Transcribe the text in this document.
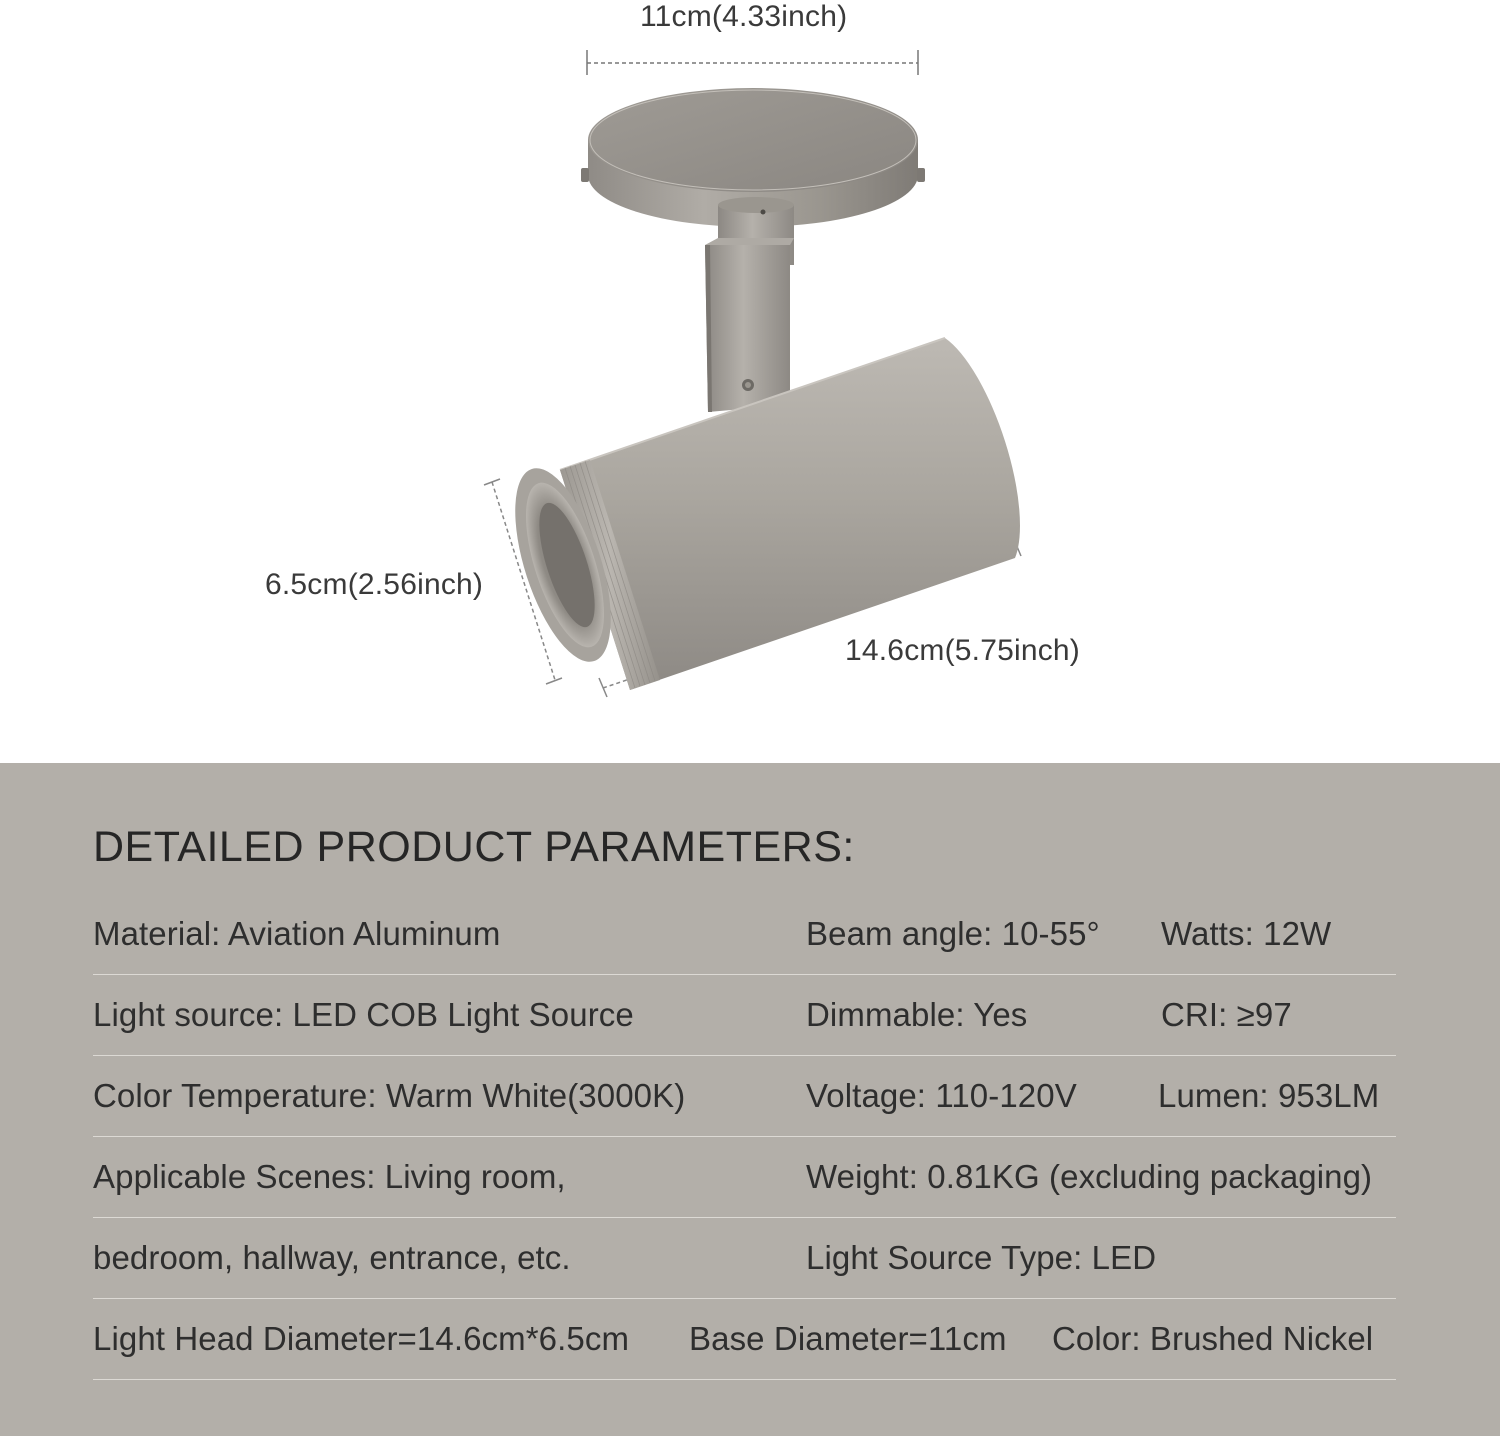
11cm(4.33inch)
6.5cm(2.56inch)
14.6cm(5.75inch)
DETAILED PRODUCT PARAMETERS:
Material: Aviation Aluminum	Beam angle: 10-55° Watts: 12W
Light source: LED COB Light Source	Dimmable: Yes	CRI: ≥97
Color Temperature: Warm White(3000K)	Voltage: 110-120V Lumen: 953LM
Applicable Scenes: Living room,	Weight: 0.81KG (excluding packaging)
bedroom, hallway, entrance, etc.	Light Source Type: LED
Light Head Diameter=14.6cm*6.5cm Base Diameter=11cm Color: Brushed Nickel
